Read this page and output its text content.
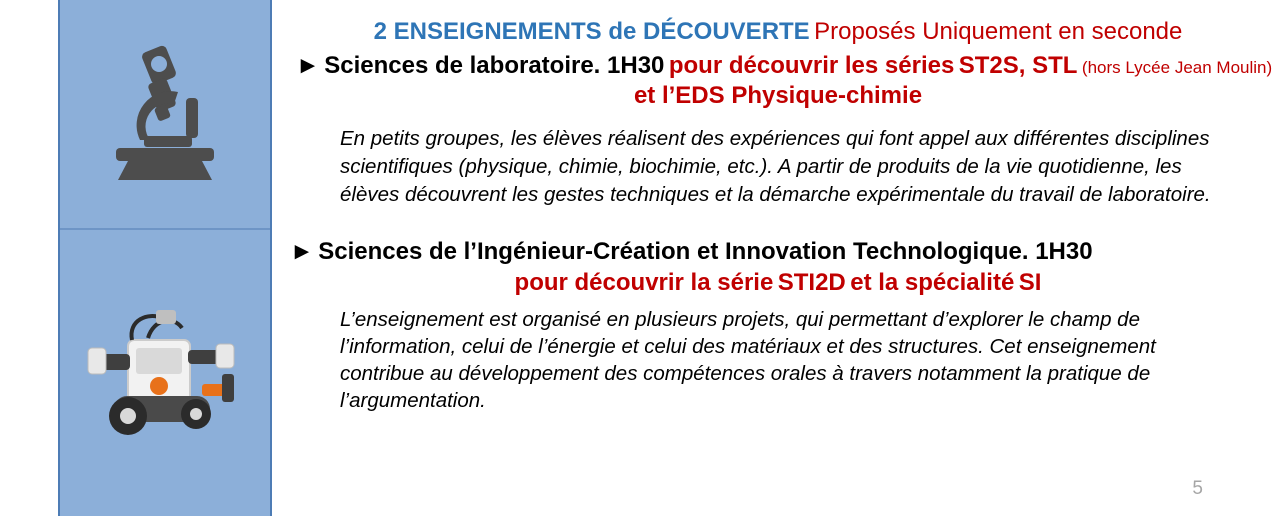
2 ENSEIGNEMENTS de DÉCOUVERTE Proposés Uniquement en seconde
► Sciences de laboratoire. 1H30 pour découvrir les séries ST2S, STL (hors Lycée Jean Moulin)
et l’EDS Physique-chimie
En petits groupes, les élèves réalisent des expériences qui font appel aux différentes disciplines scientifiques (physique, chimie, biochimie, etc.). A partir de produits de la vie quotidienne, les élèves découvrent les gestes techniques et la démarche expérimentale du travail de laboratoire.
► Sciences de l’Ingénieur-Création et Innovation Technologique. 1H30
pour découvrir la série STI2D et la spécialité SI
L’enseignement est organisé en plusieurs projets, qui permettant d’explorer le champ de l’information, celui de l’énergie et celui des matériaux et des structures. Cet enseignement contribue au développement des compétences orales à travers notamment la pratique de l’argumentation.
5
